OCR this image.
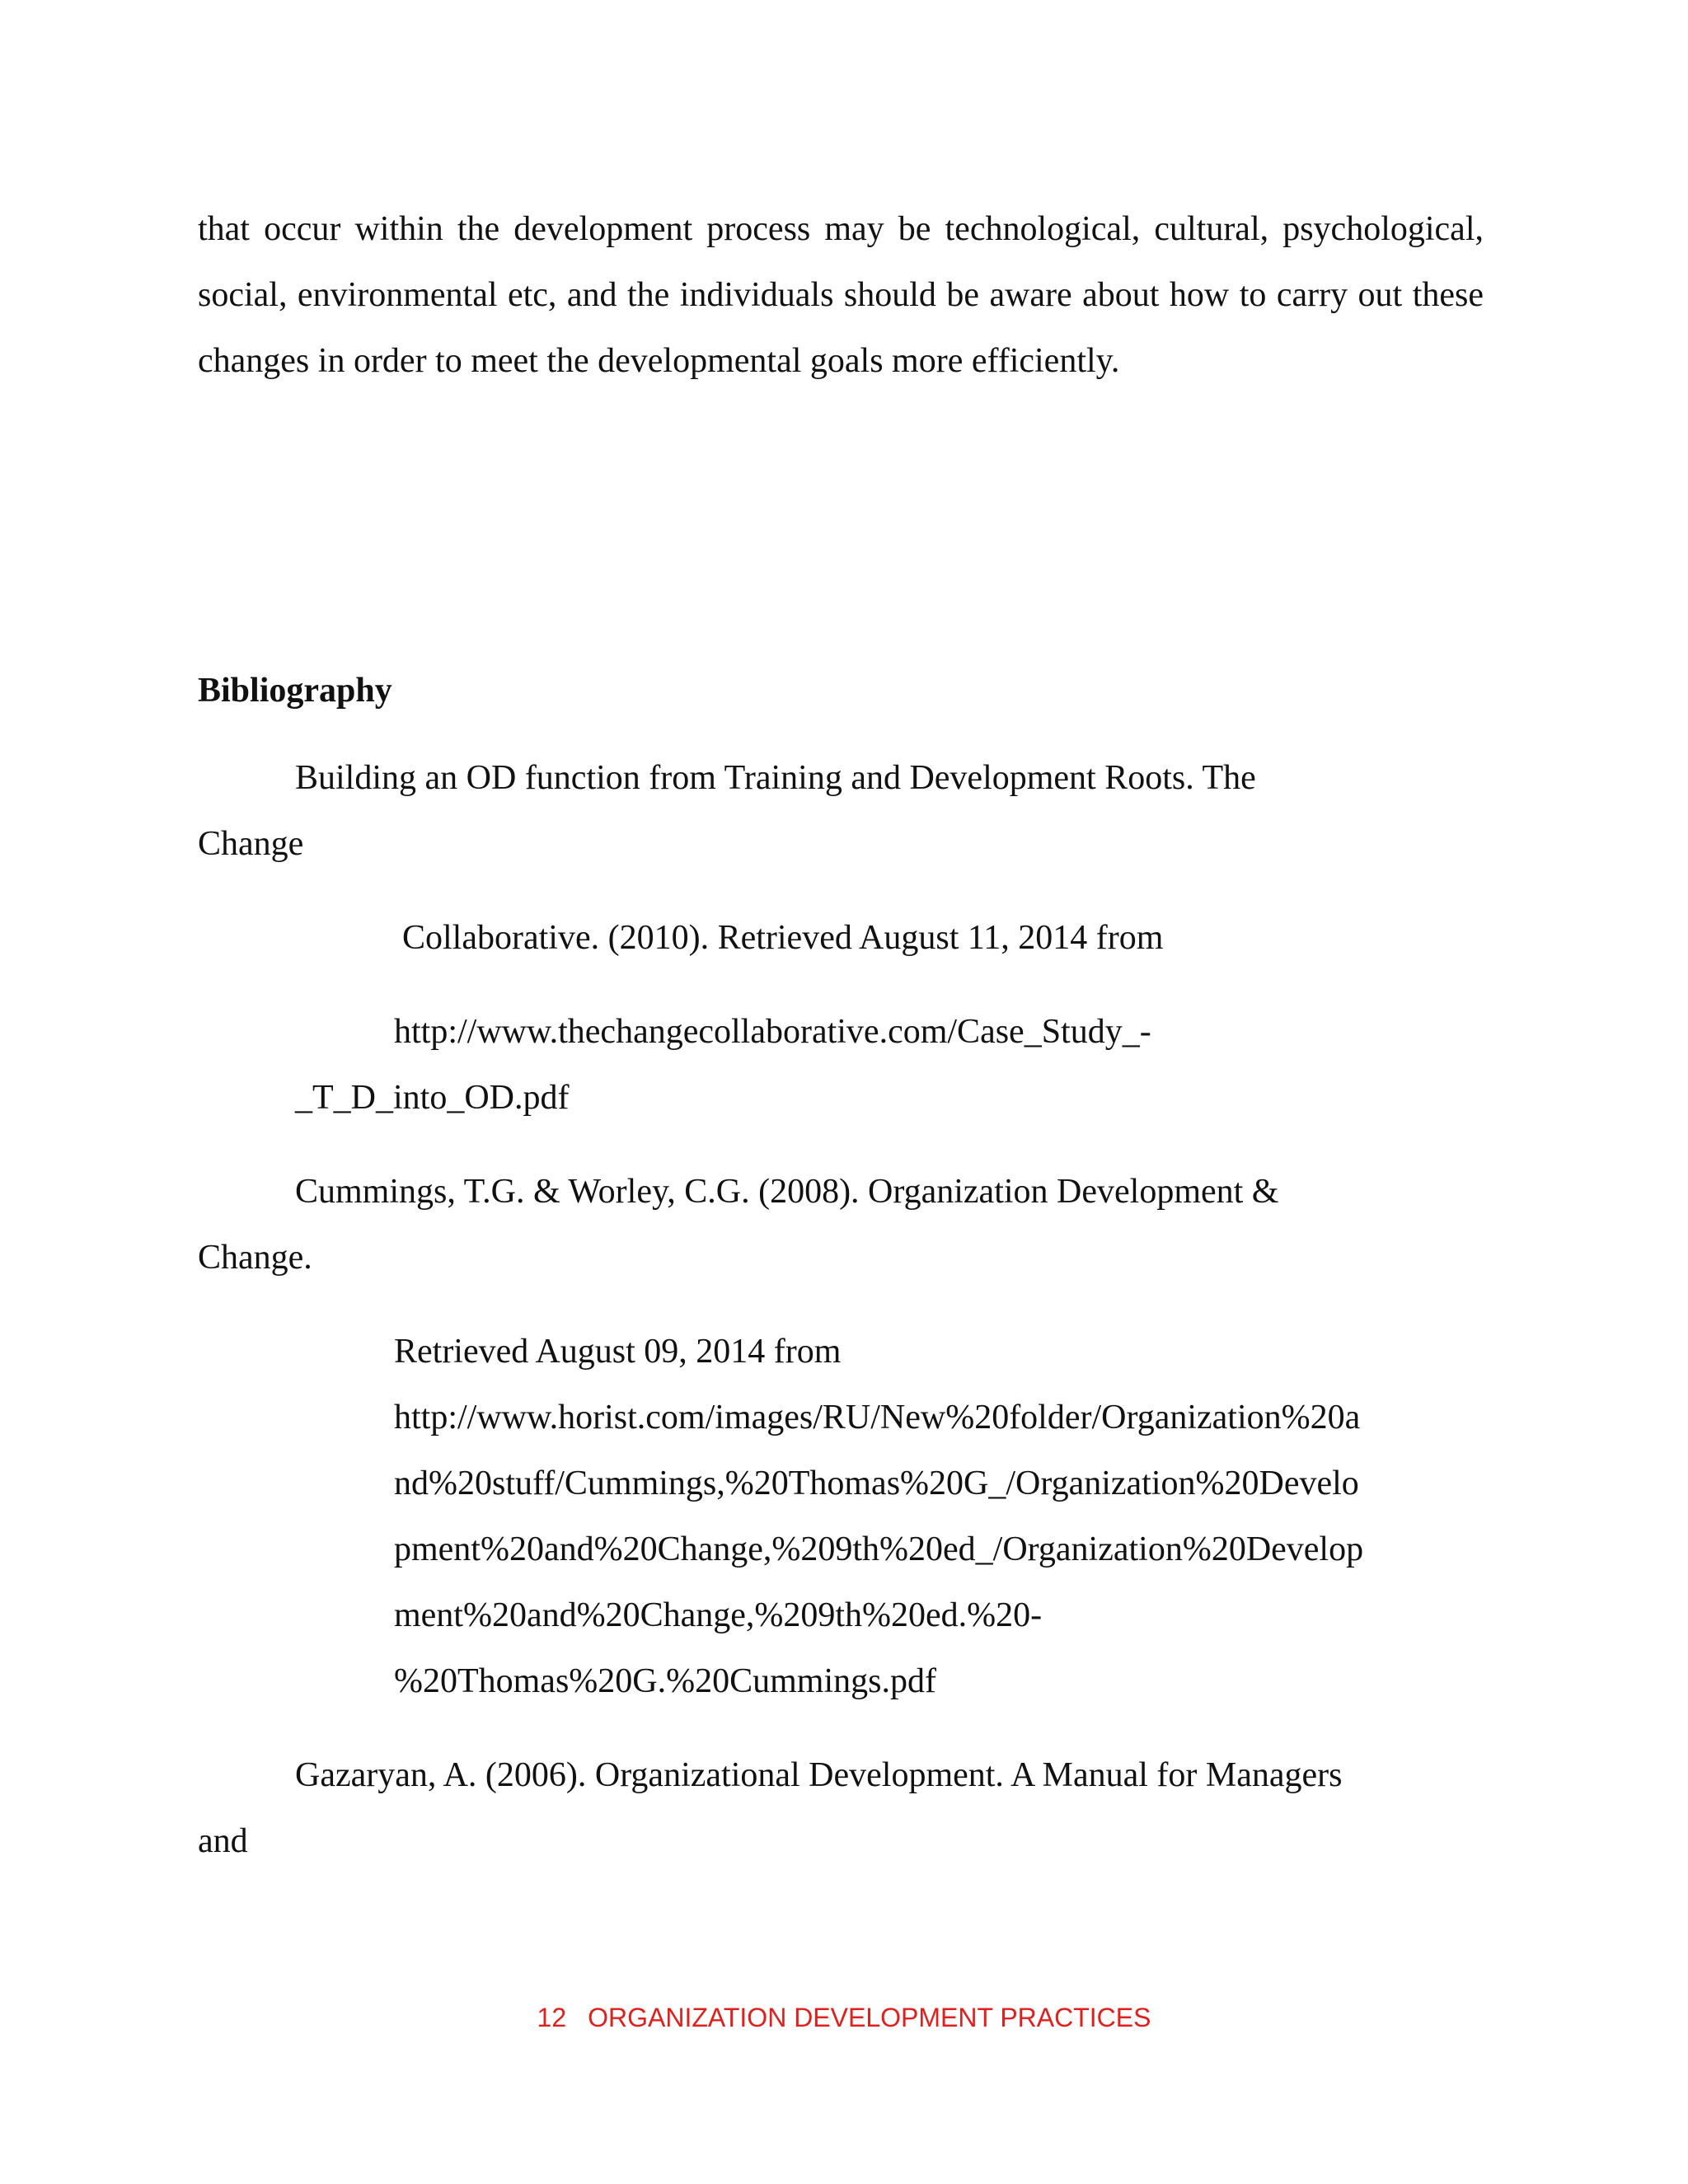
that occur within the development process may be technological, cultural, psychological, social, environmental etc, and the individuals should be aware about how to carry out these changes in order to meet the developmental goals more efficiently.

Bibliography

Building an OD function from Training and Development Roots. The

Change

Collaborative. (2010). Retrieved August 11, 2014 from

http://www.thechangecollaborative.com/Case_Study_-

_T_D_into_OD.pdf

Cummings, T.G. & Worley, C.G. (2008). Organization Development &

Change.

Retrieved August 09, 2014 from

http://www.horist.com/images/RU/New%20folder/Organization%20a

nd%20stuff/Cummings,%20Thomas%20G_/Organization%20Develo

pment%20and%20Change,%209th%20ed_/Organization%20Develop

ment%20and%20Change,%209th%20ed.%20-

%20Thomas%20G.%20Cummings.pdf

Gazaryan, A. (2006). Organizational Development. A Manual for Managers

and

12 ORGANIZATION DEVELOPMENT PRACTICES
